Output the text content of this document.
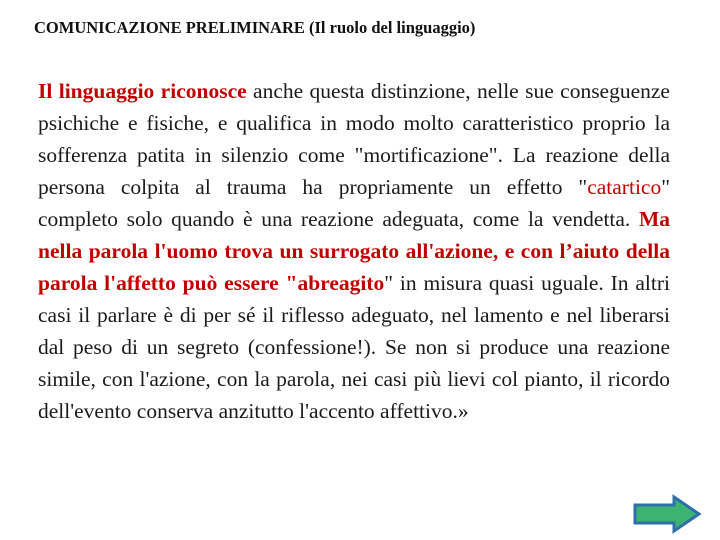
COMUNICAZIONE PRELIMINARE (Il ruolo del linguaggio)
Il linguaggio riconosce anche questa distinzione, nelle sue conseguenze psichiche e fisiche, e qualifica in modo molto caratteristico proprio la sofferenza patita in silenzio come "mortificazione". La reazione della persona colpita al trauma ha propriamente un effetto "catartico" completo solo quando è una reazione adeguata, come la vendetta. Ma nella parola l'uomo trova un surrogato all'azione, e con l’aiuto della parola l'affetto può essere "abreagito" in misura quasi uguale. In altri casi il parlare è di per sé il riflesso adeguato, nel lamento e nel liberarsi dal peso di un segreto (confessione!). Se non si produce una reazione simile, con l'azione, con la parola, nei casi più lievi col pianto, il ricordo dell'evento conserva anzitutto l'accento affettivo.»
